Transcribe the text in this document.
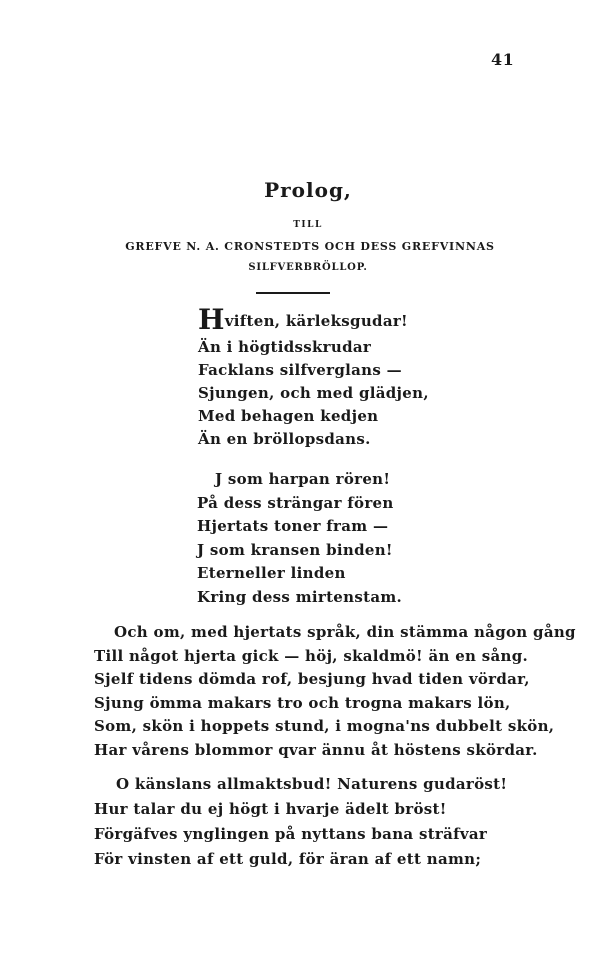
41
Prolog,
TILL
GREFVE N. A. CRONSTEDTS OCH DESS GREFVINNAS
SILFVERBRÖLLOP.
Hviften, kärleksgudar!
Än i högtidsskrudar
Facklans silfverglans —
Sjungen, och med glädjen,
Med behagen kedjen
Än en bröllopsdans.
J som harpan rören!
På dess strängar fören
Hjertats toner fram —
J som kransen binden!
Eterneller linden
Kring dess mirtenstam.
Och om, med hjertats språk, din stämma någon gång
Till något hjerta gick — höj, skaldmö! än en sång.
Sjelf tidens dömda rof, besjung hvad tiden vördar,
Sjung ömma makars tro och trogna makars lön,
Som, skön i hoppets stund, i mogna'ns dubbelt skön,
Har vårens blommor qvar ännu åt höstens skördar.
O känslans allmaktsbud! Naturens gudaröst!
Hur talar du ej högt i hvarje ädelt bröst!
Förgäfves ynglingen på nyttans bana sträfvar
För vinsten af ett guld, för äran af ett namn;
